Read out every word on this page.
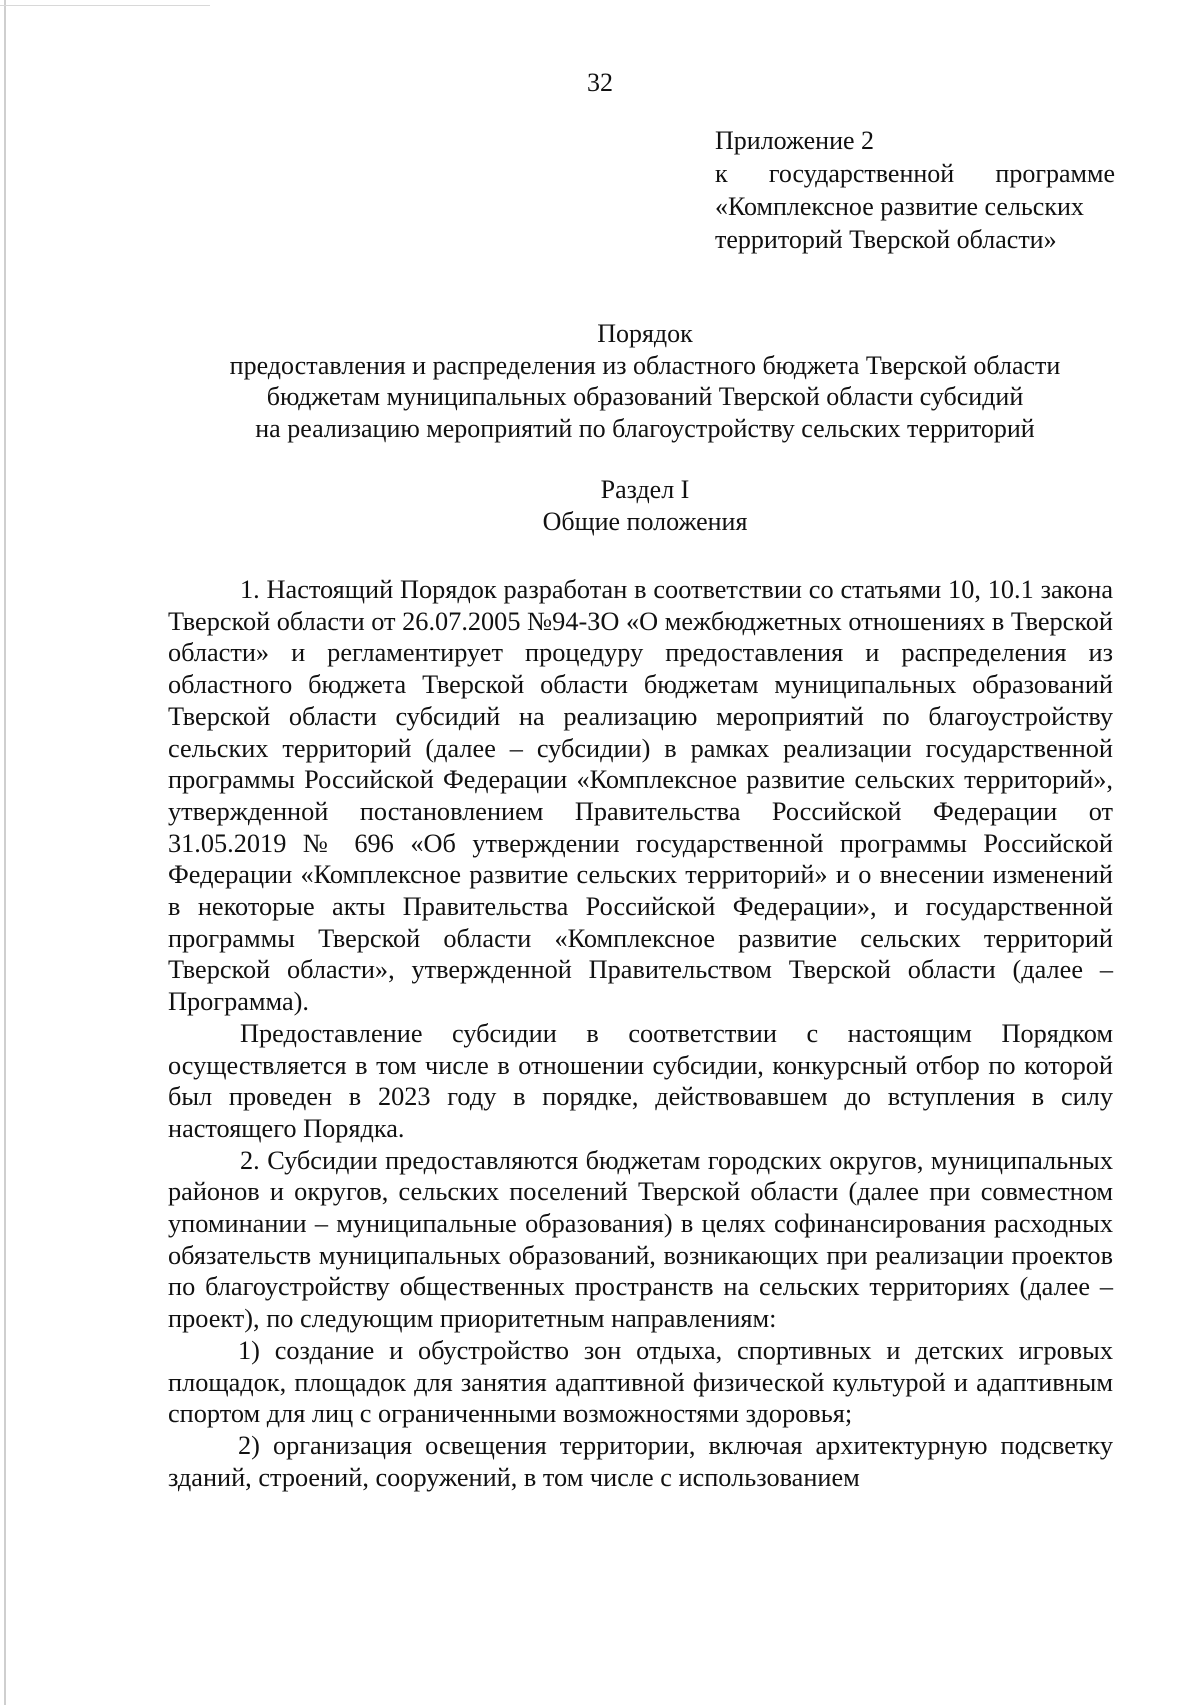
32
Приложение 2
к государственной программе
«Комплексное развитие сельских
территорий Тверской области»
Порядок
предоставления и распределения из областного бюджета Тверской области
бюджетам муниципальных образований Тверской области субсидий
на реализацию мероприятий по благоустройству сельских территорий
Раздел I
Общие положения

1. Настоящий Порядок разработан в соответствии со статьями 10, 10.1 закона Тверской области от 26.07.2005 №94-ЗО «О межбюджетных отношениях в Тверской области» и регламентирует процедуру предоставления и распределения из областного бюджета Тверской области бюджетам муниципальных образований Тверской области субсидий на реализацию мероприятий по благоустройству сельских территорий (далее – субсидии) в рамках реализации государственной программы Российской Федерации «Комплексное развитие сельских территорий», утвержденной постановлением Правительства Российской Федерации от 31.05.2019 № 696 «Об утверждении государственной программы Российской Федерации «Комплексное развитие сельских территорий» и о внесении изменений в некоторые акты Правительства Российской Федерации», и государственной программы Тверской области «Комплексное развитие сельских территорий Тверской области», утвержденной Правительством Тверской области (далее – Программа).

Предоставление субсидии в соответствии с настоящим Порядком осуществляется в том числе в отношении субсидии, конкурсный отбор по которой был проведен в 2023 году в порядке, действовавшем до вступления в силу настоящего Порядка.

2. Субсидии предоставляются бюджетам городских округов, муниципальных районов и округов, сельских поселений Тверской области (далее при совместном упоминании – муниципальные образования) в целях софинансирования расходных обязательств муниципальных образований, возникающих при реализации проектов по благоустройству общественных пространств на сельских территориях (далее – проект), по следующим приоритетным направлениям:

1) создание и обустройство зон отдыха, спортивных и детских игровых площадок, площадок для занятия адаптивной физической культурой и адаптивным спортом для лиц с ограниченными возможностями здоровья;

2) организация освещения территории, включая архитектурную подсветку зданий, строений, сооружений, в том числе с использованием
